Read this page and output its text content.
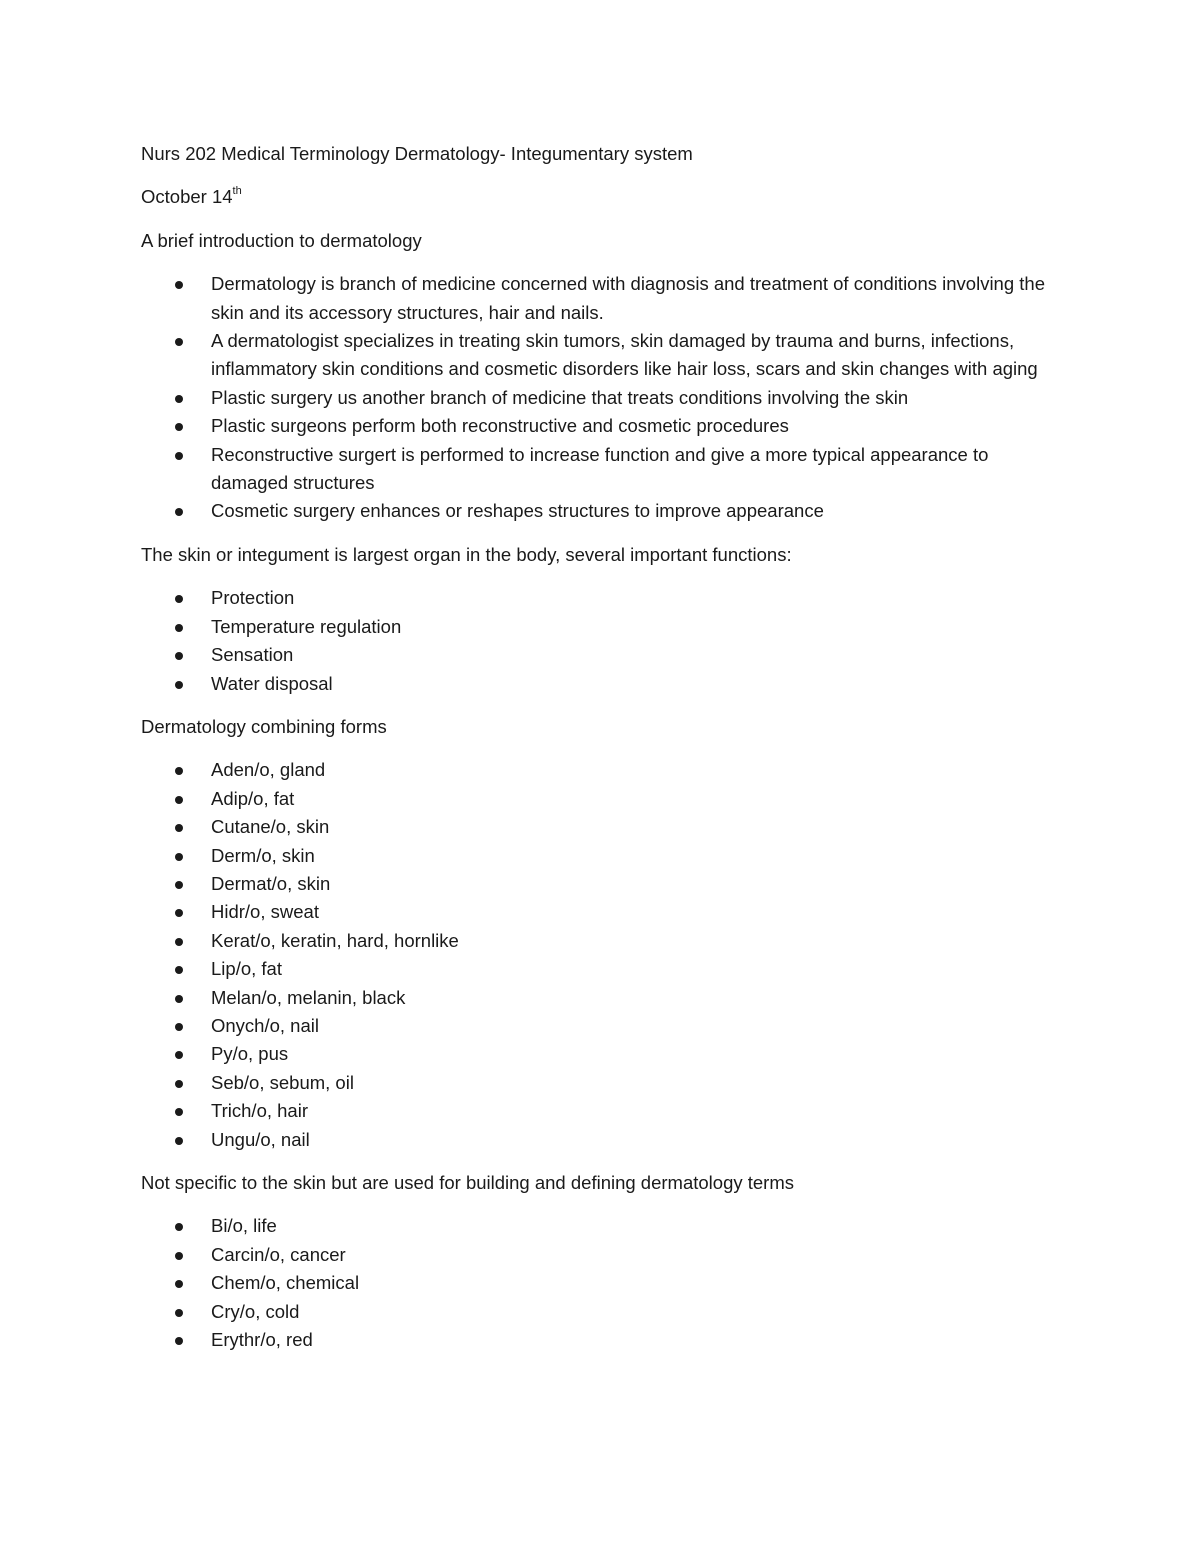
Nurs 202 Medical Terminology Dermatology- Integumentary system

October 14th

A brief introduction to dermatology

Dermatology is branch of medicine concerned with diagnosis and treatment of conditions involving the skin and its accessory structures, hair and nails.
A dermatologist specializes in treating skin tumors, skin damaged by trauma and burns, infections, inflammatory skin conditions and cosmetic disorders like hair loss, scars and skin changes with aging
Plastic surgery us another branch of medicine that treats conditions involving the skin
Plastic surgeons perform both reconstructive and cosmetic procedures
Reconstructive surgert is performed to increase function and give a more typical appearance to damaged structures
Cosmetic surgery enhances or reshapes structures to improve appearance

The skin or integument is largest organ in the body, several important functions:

Protection
Temperature regulation
Sensation
Water disposal

Dermatology combining forms

Aden/o, gland
Adip/o, fat
Cutane/o, skin
Derm/o, skin
Dermat/o, skin
Hidr/o, sweat
Kerat/o, keratin, hard, hornlike
Lip/o, fat
Melan/o, melanin, black
Onych/o, nail
Py/o, pus
Seb/o, sebum, oil
Trich/o, hair
Ungu/o, nail

Not specific to the skin but are used for building and defining dermatology terms

Bi/o, life
Carcin/o, cancer
Chem/o, chemical
Cry/o, cold
Erythr/o, red
